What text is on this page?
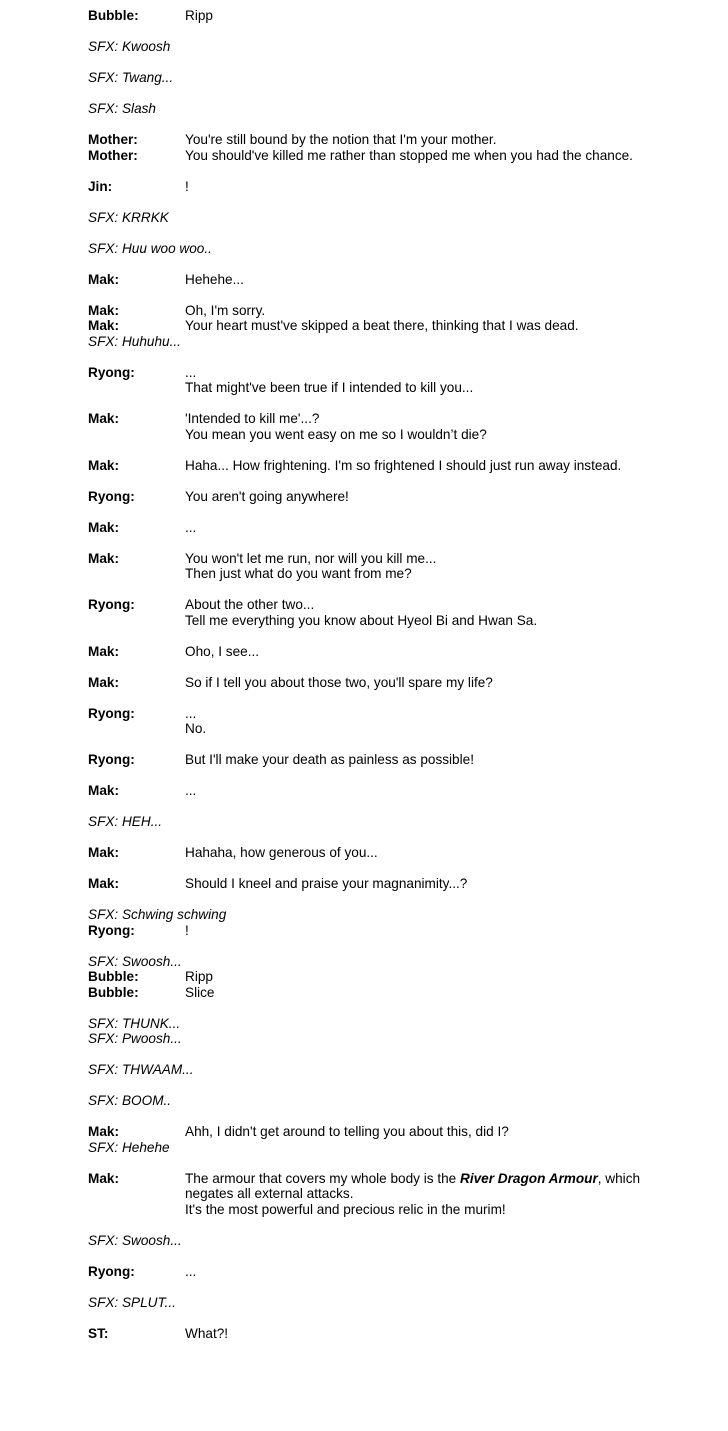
Bubble:	Ripp
SFX: Kwoosh
SFX: Twang...
SFX: Slash
Mother:	You're still bound by the notion that I'm your mother.
Mother:	You should've killed me rather than stopped me when you had the chance.
Jin:	!
SFX: KRRKK
SFX: Huu woo woo..
Mak:	Hehehe...
Mak:	Oh, I'm sorry.
Mak:	Your heart must've skipped a beat there, thinking that I was dead.
SFX: Huhuhu...
Ryong:	...
That might've been true if I intended to kill you...
Mak:	'Intended to kill me'...?
You mean you went easy on me so I wouldn’t die?
Mak:	Haha... How frightening. I'm so frightened I should just run away instead.
Ryong:	You aren't going anywhere!
Mak:	...
Mak:	You won't let me run, nor will you kill me...
Then just what do you want from me?
Ryong:	About the other two...
Tell me everything you know about Hyeol Bi and Hwan Sa.
Mak:	Oho, I see...
Mak:	So if I tell you about those two, you'll spare my life?
Ryong:	...
No.
Ryong:	But I'll make your death as painless as possible!
Mak:	...
SFX: HEH...
Mak:	Hahaha, how generous of you...
Mak:	Should I kneel and praise your magnanimity...?
SFX: Schwing schwing
Ryong:	!
SFX: Swoosh...
Bubble:	Ripp
Bubble:	Slice
SFX: THUNK...
SFX: Pwoosh...
SFX: THWAAM...
SFX: BOOM..
Mak:	Ahh, I didn't get around to telling you about this, did I?
SFX: Hehehe
Mak:	The armour that covers my whole body is the River Dragon Armour, which
negates all external attacks.
It's the most powerful and precious relic in the murim!
SFX: Swoosh...
Ryong:	...
SFX: SPLUT...
ST:	What?!
